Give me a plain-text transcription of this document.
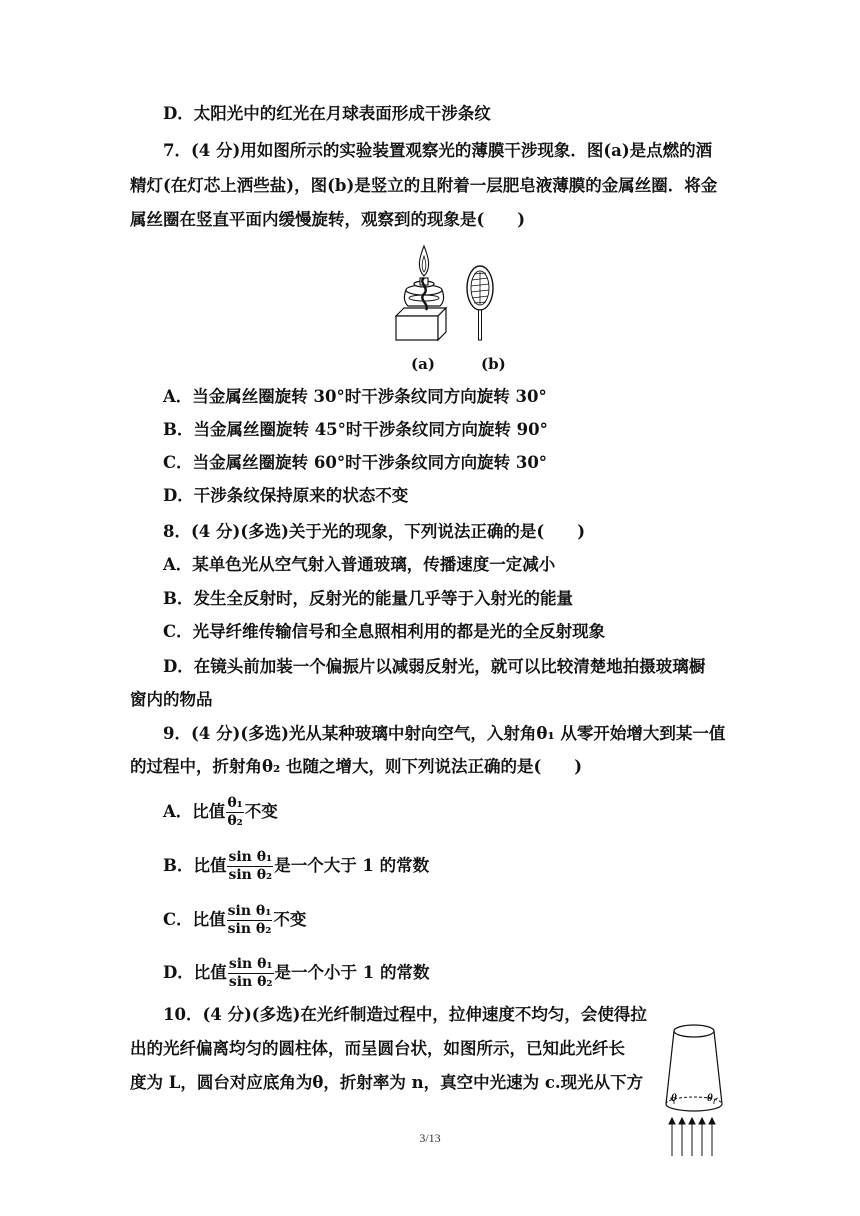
D．太阳光中的红光在月球表面形成干涉条纹
7．(4 分)用如图所示的实验装置观察光的薄膜干涉现象．图(a)是点燃的酒
精灯(在灯芯上洒些盐)，图(b)是竖立的且附着一层肥皂液薄膜的金属丝圈．将金
属丝圈在竖直平面内缓慢旋转，观察到的现象是(　　)
(a)	(b)
A．当金属丝圈旋转 30°时干涉条纹同方向旋转 30°
B．当金属丝圈旋转 45°时干涉条纹同方向旋转 90°
C．当金属丝圈旋转 60°时干涉条纹同方向旋转 30°
D．干涉条纹保持原来的状态不变
8．(4 分)(多选)关于光的现象，下列说法正确的是(　　)
A．某单色光从空气射入普通玻璃，传播速度一定减小
B．发生全反射时，反射光的能量几乎等于入射光的能量
C．光导纤维传输信号和全息照相利用的都是光的全反射现象
D．在镜头前加装一个偏振片以减弱反射光，就可以比较清楚地拍摄玻璃橱
窗内的物品
9．(4 分)(多选)光从某种玻璃中射向空气，入射角θ₁ 从零开始增大到某一值
的过程中，折射角θ₂ 也随之增大，则下列说法正确的是(　　)
A．比值 $\frac{\text{θ₁}}{\text{θ₂}}$ 不变
B．比值 $\frac{\text{sin θ₁}}{\text{sin θ₂}}$ 是一个大于 1 的常数
C．比值 $\frac{\text{sin θ₁}}{\text{sin θ₂}}$ 不变
D．比值 $\frac{\text{sin θ₁}}{\text{sin θ₂}}$ 是一个小于 1 的常数
10．(4 分)(多选)在光纤制造过程中，拉伸速度不均匀，会使得拉
出的光纤偏离均匀的圆柱体，而呈圆台状，如图所示，已知此光纤长
度为 L，圆台对应底角为θ，折射率为 n，真空中光速为 c.现光从下方
θ	θ
3/13
